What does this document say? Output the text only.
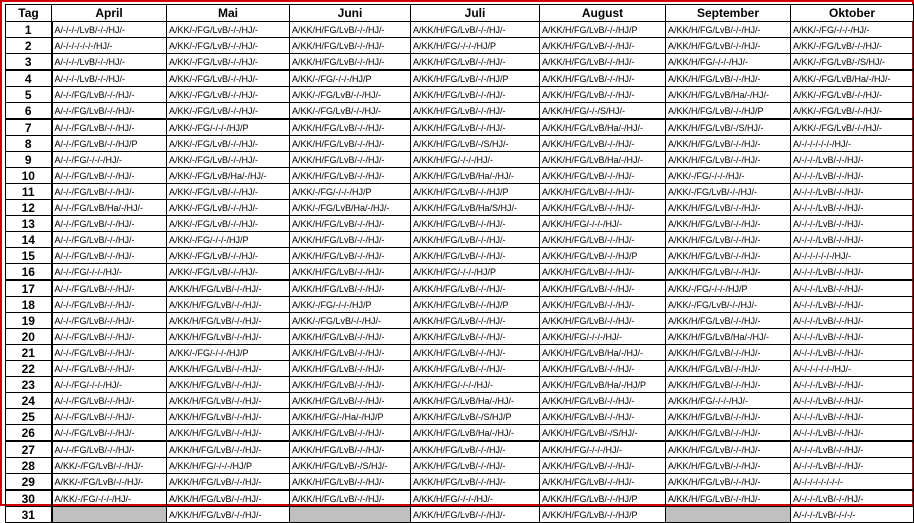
Tag	April	Mai	Juni	Juli	August	September	Oktober
1	A/-/-/-/LvB/-/-/HJ/-	A/KK/-/FG/LvB/-/-/HJ/-	A/KK/H/FG/LvB/-/-/HJ/-	A/KK/H/FG/LvB/-/-/HJ/-	A/KK/H/FG/LvB/-/-/HJ/P	A/KK/H/FG/LvB/-/-/HJ/-	A/KK/-/FG/-/-/-/HJ/-
2	A/-/-/-/-/-/-/HJ/-	A/KK/-/FG/LvB/-/-/HJ/-	A/KK/H/FG/LvB/-/-/HJ/-	A/KK/H/FG/-/-/-/HJ/P	A/KK/H/FG/LvB/-/-/HJ/-	A/KK/H/FG/LvB/-/-/HJ/-	A/KK/-/FG/LvB/-/-/HJ/-
3	A/-/-/-/LvB/-/-/HJ/-	A/KK/-/FG/LvB/-/-/HJ/-	A/KK/H/FG/LvB/-/-/HJ/-	A/KK/H/FG/LvB/-/-/HJ/-	A/KK/H/FG/LvB/-/-/HJ/-	A/KK/H/FG/-/-/-/HJ/-	A/KK/-/FG/LvB/-/S/HJ/-
4	A/-/-/-/LvB/-/-/HJ/-	A/KK/-/FG/LvB/-/-/HJ/-	A/KK/-/FG/-/-/-/HJ/P	A/KK/H/FG/LvB/-/-/HJ/P	A/KK/H/FG/LvB/-/-/HJ/-	A/KK/H/FG/LvB/-/-/HJ/-	A/KK/-/FG/LvB/Ha/-/HJ/-
5	A/-/-/FG/LvB/-/-/HJ/-	A/KK/-/FG/LvB/-/-/HJ/-	A/KK/-/FG/LvB/-/-/HJ/-	A/KK/H/FG/LvB/-/-/HJ/-	A/KK/H/FG/LvB/-/-/HJ/-	A/KK/H/FG/LvB/Ha/-/HJ/-	A/KK/-/FG/LvB/-/-/HJ/-
6	A/-/-/FG/LvB/-/-/HJ/-	A/KK/-/FG/LvB/-/-/HJ/-	A/KK/-/FG/LvB/-/-/HJ/-	A/KK/H/FG/LvB/-/-/HJ/-	A/KK/H/FG/-/-/S/HJ/-	A/KK/H/FG/LvB/-/-/HJ/P	A/KK/-/FG/LvB/-/-/HJ/-
7	A/-/-/FG/LvB/-/-/HJ/-	A/KK/-/FG/-/-/-/HJ/P	A/KK/H/FG/LvB/-/-/HJ/-	A/KK/H/FG/LvB/-/-/HJ/-	A/KK/H/FG/LvB/Ha/-/HJ/-	A/KK/H/FG/LvB/-/S/HJ/-	A/KK/-/FG/LvB/-/-/HJ/-
8	A/-/-/FG/LvB/-/-/HJ/P	A/KK/-/FG/LvB/-/-/HJ/-	A/KK/H/FG/LvB/-/-/HJ/-	A/KK/H/FG/LvB/-/S/HJ/-	A/KK/H/FG/LvB/-/-/HJ/-	A/KK/H/FG/LvB/-/-/HJ/-	A/-/-/-/-/-/-/HJ/-
9	A/-/-/FG/-/-/-/HJ/-	A/KK/-/FG/LvB/-/-/HJ/-	A/KK/H/FG/LvB/-/-/HJ/-	A/KK/H/FG/-/-/-/HJ/-	A/KK/H/FG/LvB/Ha/-/HJ/-	A/KK/H/FG/LvB/-/-/HJ/-	A/-/-/-/LvB/-/-/HJ/-
10	A/-/-/FG/LvB/-/-/HJ/-	A/KK/-/FG/LvB/Ha/-/HJ/-	A/KK/H/FG/LvB/-/-/HJ/-	A/KK/H/FG/LvB/Ha/-/HJ/-	A/KK/H/FG/LvB/-/-/HJ/-	A/KK/-/FG/-/-/-/HJ/-	A/-/-/-/LvB/-/-/HJ/-
11	A/-/-/FG/LvB/-/-/HJ/-	A/KK/-/FG/LvB/-/-/HJ/-	A/KK/-/FG/-/-/-/HJ/P	A/KK/H/FG/LvB/-/-/HJ/P	A/KK/H/FG/LvB/-/-/HJ/-	A/KK/-/FG/LvB/-/-/HJ/-	A/-/-/-/LvB/-/-/HJ/-
12	A/-/-/FG/LvB/Ha/-/HJ/-	A/KK/-/FG/LvB/-/-/HJ/-	A/KK/-/FG/LvB/Ha/-/HJ/-	A/KK/H/FG/LvB/Ha/S/HJ/-	A/KK/H/FG/LvB/-/-/HJ/-	A/KK/H/FG/LvB/-/-/HJ/-	A/-/-/-/LvB/-/-/HJ/-
13	A/-/-/FG/LvB/-/-/HJ/-	A/KK/-/FG/LvB/-/-/HJ/-	A/KK/H/FG/LvB/-/-/HJ/-	A/KK/H/FG/LvB/-/-/HJ/-	A/KK/H/FG/-/-/-/HJ/-	A/KK/H/FG/LvB/-/-/HJ/-	A/-/-/-/LvB/-/-/HJ/-
14	A/-/-/FG/LvB/-/-/HJ/-	A/KK/-/FG/-/-/-/HJ/P	A/KK/H/FG/LvB/-/-/HJ/-	A/KK/H/FG/LvB/-/-/HJ/-	A/KK/H/FG/LvB/-/-/HJ/-	A/KK/H/FG/LvB/-/-/HJ/-	A/-/-/-/LvB/-/-/HJ/-
15	A/-/-/FG/LvB/-/-/HJ/-	A/KK/-/FG/LvB/-/-/HJ/-	A/KK/H/FG/LvB/-/-/HJ/-	A/KK/H/FG/LvB/-/-/HJ/-	A/KK/H/FG/LvB/-/-/HJ/P	A/KK/H/FG/LvB/-/-/HJ/-	A/-/-/-/-/-/-/HJ/-
16	A/-/-/FG/-/-/-/HJ/-	A/KK/-/FG/LvB/-/-/HJ/-	A/KK/H/FG/LvB/-/-/HJ/-	A/KK/H/FG/-/-/-/HJ/P	A/KK/H/FG/LvB/-/-/HJ/-	A/KK/H/FG/LvB/-/-/HJ/-	A/-/-/-/LvB/-/-/HJ/-
17	A/-/-/FG/LvB/-/-/HJ/-	A/KK/H/FG/LvB/-/-/HJ/-	A/KK/H/FG/LvB/-/-/HJ/-	A/KK/H/FG/LvB/-/-/HJ/-	A/KK/H/FG/LvB/-/-/HJ/-	A/KK/-/FG/-/-/-/HJ/P	A/-/-/-/LvB/-/-/HJ/-
18	A/-/-/FG/LvB/-/-/HJ/-	A/KK/H/FG/LvB/-/-/HJ/-	A/KK/-/FG/-/-/-/HJ/P	A/KK/H/FG/LvB/-/-/HJ/P	A/KK/H/FG/LvB/-/-/HJ/-	A/KK/-/FG/LvB/-/-/HJ/-	A/-/-/-/LvB/-/-/HJ/-
19	A/-/-/FG/LvB/-/-/HJ/-	A/KK/H/FG/LvB/-/-/HJ/-	A/KK/-/FG/LvB/-/-/HJ/-	A/KK/H/FG/LvB/-/-/HJ/-	A/KK/H/FG/LvB/-/-/HJ/-	A/KK/H/FG/LvB/-/-/HJ/-	A/-/-/-/LvB/-/-/HJ/-
20	A/-/-/FG/LvB/-/-/HJ/-	A/KK/H/FG/LvB/-/-/HJ/-	A/KK/H/FG/LvB/-/-/HJ/-	A/KK/H/FG/LvB/-/-/HJ/-	A/KK/H/FG/-/-/-/HJ/-	A/KK/H/FG/LvB/Ha/-/HJ/-	A/-/-/-/LvB/-/-/HJ/-
21	A/-/-/FG/LvB/-/-/HJ/-	A/KK/-/FG/-/-/-/HJ/P	A/KK/H/FG/LvB/-/-/HJ/-	A/KK/H/FG/LvB/-/-/HJ/-	A/KK/H/FG/LvB/Ha/-/HJ/-	A/KK/H/FG/LvB/-/-/HJ/-	A/-/-/-/LvB/-/-/HJ/-
22	A/-/-/FG/LvB/-/-/HJ/-	A/KK/H/FG/LvB/-/-/HJ/-	A/KK/H/FG/LvB/-/-/HJ/-	A/KK/H/FG/LvB/-/-/HJ/-	A/KK/H/FG/LvB/-/-/HJ/-	A/KK/H/FG/LvB/-/-/HJ/-	A/-/-/-/-/-/-/HJ/-
23	A/-/-/FG/-/-/-/HJ/-	A/KK/H/FG/LvB/-/-/HJ/-	A/KK/H/FG/LvB/-/-/HJ/-	A/KK/H/FG/-/-/-/HJ/-	A/KK/H/FG/LvB/Ha/-/HJ/P	A/KK/H/FG/LvB/-/-/HJ/-	A/-/-/-/LvB/-/-/HJ/-
24	A/-/-/FG/LvB/-/-/HJ/-	A/KK/H/FG/LvB/-/-/HJ/-	A/KK/H/FG/LvB/-/-/HJ/-	A/KK/H/FG/LvB/Ha/-/HJ/-	A/KK/H/FG/LvB/-/-/HJ/-	A/KK/H/FG/-/-/-/HJ/-	A/-/-/-/LvB/-/-/HJ/-
25	A/-/-/FG/LvB/-/-/HJ/-	A/KK/H/FG/LvB/-/-/HJ/-	A/KK/H/FG/-/Ha/-/HJ/P	A/KK/H/FG/LvB/-/S/HJ/P	A/KK/H/FG/LvB/-/-/HJ/-	A/KK/H/FG/LvB/-/-/HJ/-	A/-/-/-/LvB/-/-/HJ/-
26	A/-/-/FG/LvB/-/-/HJ/-	A/KK/H/FG/LvB/-/-/HJ/-	A/KK/H/FG/LvB/-/-/HJ/-	A/KK/H/FG/LvB/Ha/-/HJ/-	A/KK/H/FG/LvB/-/S/HJ/-	A/KK/H/FG/LvB/-/-/HJ/-	A/-/-/-/LvB/-/-/HJ/-
27	A/-/-/FG/LvB/-/-/HJ/-	A/KK/H/FG/LvB/-/-/HJ/-	A/KK/H/FG/LvB/-/-/HJ/-	A/KK/H/FG/LvB/-/-/HJ/-	A/KK/H/FG/-/-/-/HJ/-	A/KK/H/FG/LvB/-/-/HJ/-	A/-/-/-/LvB/-/-/HJ/-
28	A/KK/-/FG/LvB/-/-/HJ/-	A/KK/H/FG/-/-/-/HJ/P	A/KK/H/FG/LvB/-/S/HJ/-	A/KK/H/FG/LvB/-/-/HJ/-	A/KK/H/FG/LvB/-/-/HJ/-	A/KK/H/FG/LvB/-/-/HJ/-	A/-/-/-/LvB/-/-/HJ/-
29	A/KK/-/FG/LvB/-/-/HJ/-	A/KK/H/FG/LvB/-/-/HJ/-	A/KK/H/FG/LvB/-/-/HJ/-	A/KK/H/FG/LvB/-/-/HJ/-	A/KK/H/FG/LvB/-/-/HJ/-	A/KK/H/FG/LvB/-/-/HJ/-	A/-/-/-/-/-/-/-/-
30	A/KK/-/FG/-/-/-/HJ/-	A/KK/H/FG/LvB/-/-/HJ/-	A/KK/H/FG/LvB/-/-/HJ/-	A/KK/H/FG/-/-/-/HJ/-	A/KK/H/FG/LvB/-/-/HJ/P	A/KK/H/FG/LvB/-/-/HJ/-	A/-/-/-/LvB/-/-/HJ/-
31		A/KK/H/FG/LvB/-/-/HJ/-		A/KK/H/FG/LvB/-/-/HJ/-	A/KK/H/FG/LvB/-/-/HJ/P		A/-/-/-/LvB/-/-/-/-
